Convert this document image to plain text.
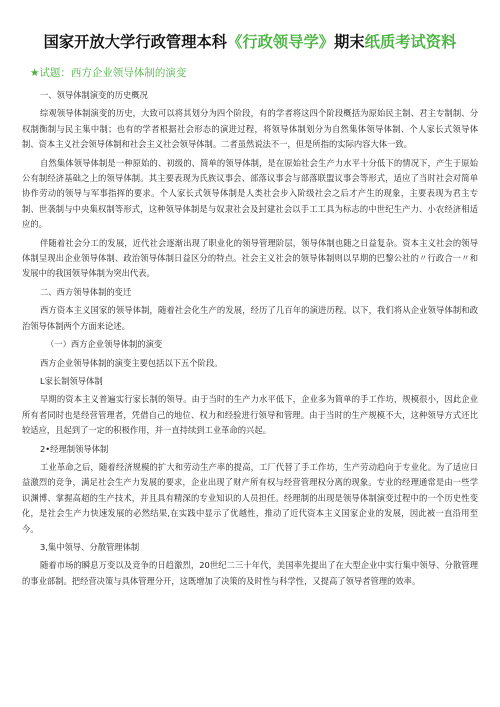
国家开放大学行政管理本科《行政领导学》期末纸质考试资料
★试题：西方企业领导体制的演变
一、领导体制演变的历史概况

综观领导体制演变的历史，大致可以将其划分为四个阶段，有的学者将这四个阶段概括为原始民主制、君主专制制、分权制衡制与民主集中制；也有的学者根据社会形态的演进过程，将领导体制划分为自然集体领导体制、个人家长式领导体制、资本主义社会领导体制和社会主义社会领导体制。二者虽然说法不一，但是所指的实际内容大体一致。

自然集体领导体制是一种原始的、初级的、简单的领导体制，是在原始社会生产力水平十分低下的情况下，产生于原始公有制经济基础之上的领导体制。其主要表现为氏族议事会、部落议事会与部落联盟议事会等形式，适应了当时社会对简单协作劳动的领导与军事指挥的要求。个人家长式领导体制是人类社会步入阶级社会之后才产生的现象，主要表现为君主专制、世袭制与中央集权制等形式，这种领导体制是与奴隶社会及封建社会以手工工具为标志的中世纪生产力、小农经济相适应的。

伴随着社会分工的发展，近代社会逐渐出现了职业化的领导管理阶层，领导体制也随之日益复杂。资本主义社会的领导体制呈现出企业领导体制、政治领导体制日益区分的特点。社会主义社会的领导体制则以早期的巴黎公社的〃行政合一〃和发展中的我国领导体制为突出代表。

二、西方领导体制的变迁

西方资本主义国家的领导体制，随着社会化生产的发展，经历了几百年的演进历程。以下，我们将从企业领导体制和政治领导体制两个方面来论述。

（一）西方企业领导体制的演变

西方企业领导体制的演变主要包括以下五个阶段。

L家长制领导体制

早期的资本主义普遍实行家长制的领导。由于当时的生产力水平低下，企业多为简单的手工作坊，规模很小，因此企业所有者同时也是经营管理者，凭借自己的地位、权力和经验进行领导和管理。由于当时的生产规模不大，这种领导方式还比较适应，且起到了一定的积极作用，并一直持续到工业革命的兴起。

2•经理制领导体制

工业革命之后，随着经济规模的扩大和劳动生产率的提高，工厂代替了手工作坊，生产劳动趋向于专业化。为了适应日益激烈的竞争，满足社会生产力发展的要求，企业出现了财产所有权与经营管理权分离的现象。专业的经理通常是由一些学识渊博、掌握高超的生产技术，并且具有精深的专业知识的人员担任。经理制的出现是领导体制演变过程中的一个历史性变化，是社会生产力快速发展的必然结果,在实践中显示了优越性，推动了近代资本主义国家企业的发展，因此被一直沿用至今。

3,集中领导、分散管理体制

随着市场的瞬息万变以及竞争的日趋激烈，20世纪二三十年代，美国率先提出了在大型企业中实行集中领导、分散管理的事业部制。把经营决策与具体管理分开，这既增加了决策的及时性与科学性，又提高了领导者管理的效率。
